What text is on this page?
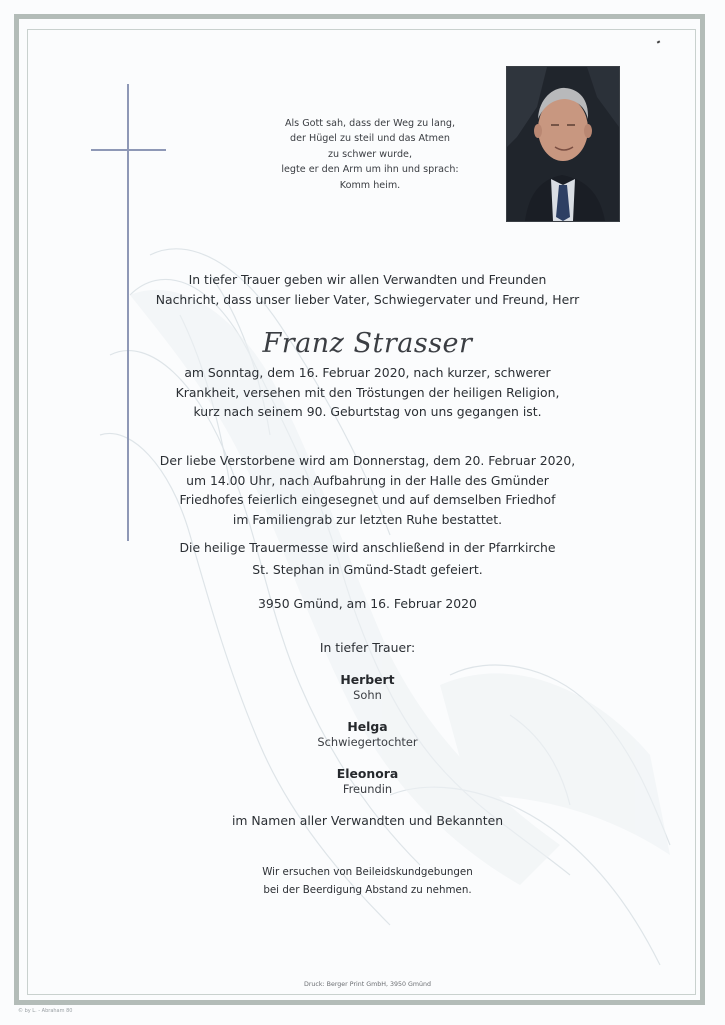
Als Gott sah, dass der Weg zu lang,
der Hügel zu steil und das Atmen
zu schwer wurde,
legte er den Arm um ihn und sprach:
Komm heim.
In tiefer Trauer geben wir allen Verwandten und Freunden
Nachricht, dass unser lieber Vater, Schwiegervater und Freund, Herr
Franz Strasser
am Sonntag, dem 16. Februar 2020, nach kurzer, schwerer
Krankheit, versehen mit den Tröstungen der heiligen Religion,
kurz nach seinem 90. Geburtstag von uns gegangen ist.
Der liebe Verstorbene wird am Donnerstag, dem 20. Februar 2020,
um 14.00 Uhr, nach Aufbahrung in der Halle des Gmünder
Friedhofes feierlich eingesegnet und auf demselben Friedhof
im Familiengrab zur letzten Ruhe bestattet.
Die heilige Trauermesse wird anschließend in der Pfarrkirche
St. Stephan in Gmünd-Stadt gefeiert.
3950 Gmünd, am 16. Februar 2020
In tiefer Trauer:
Herbert
Sohn
Helga
Schwiegertochter
Eleonora
Freundin
im Namen aller Verwandten und Bekannten
Wir ersuchen von Beileidskundgebungen
bei der Beerdigung Abstand zu nehmen.
Druck: Berger Print GmbH, 3950 Gmünd
© by L. - Abraham 80
